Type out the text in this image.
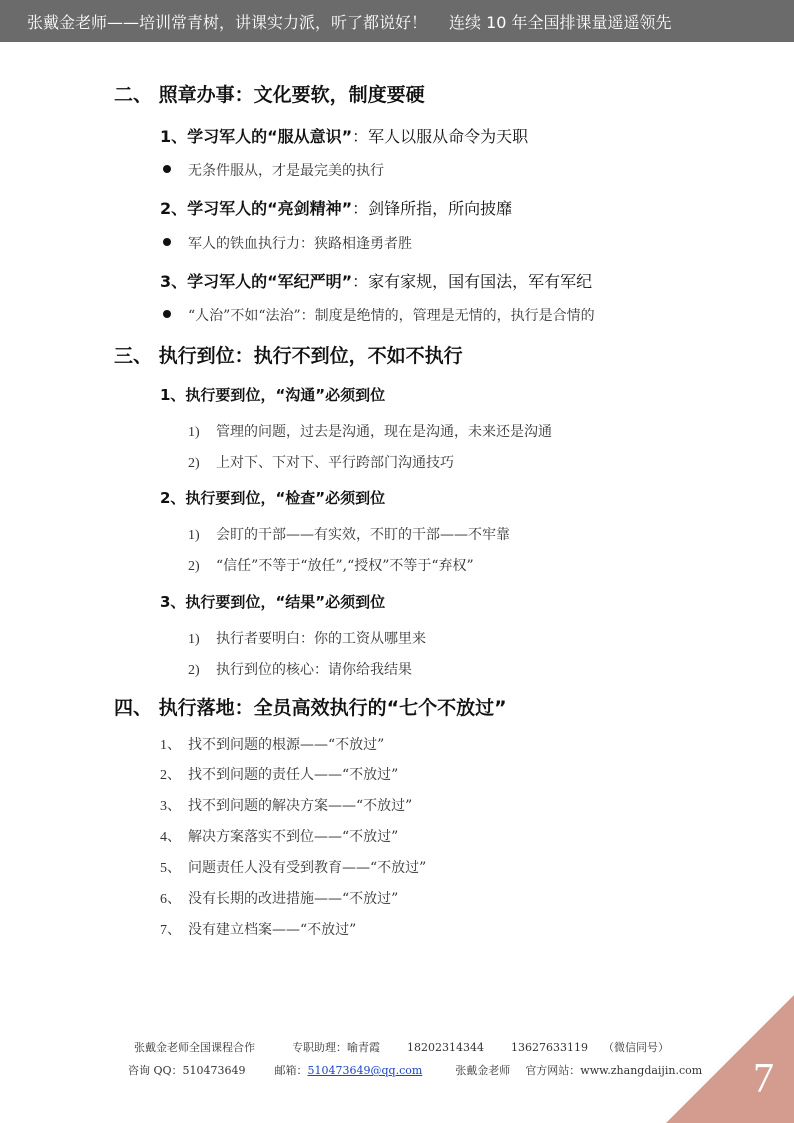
张戴金老师——培训常青树，讲课实力派，听了都说好！ 连续 10 年全国排课量遥遥领先
二、 照章办事：文化要软，制度要硬
1、学习军人的“服从意识”：军人以服从命令为天职
无条件服从，才是最完美的执行
2、学习军人的“亮剑精神”：剑锋所指，所向披靡
军人的铁血执行力：狭路相逢勇者胜
3、学习军人的“军纪严明”：家有家规，国有国法，军有军纪
“人治”不如“法治”：制度是绝情的，管理是无情的，执行是合情的
三、 执行到位：执行不到位，不如不执行
1、执行要到位，“沟通”必须到位
1) 管理的问题，过去是沟通，现在是沟通，未来还是沟通
2) 上对下、下对下、平行跨部门沟通技巧
2、执行要到位，“检查”必须到位
1) 会盯的干部——有实效，不盯的干部——不牢靠
2) “信任”不等于“放任”,“授权”不等于“弃权”
3、执行要到位，“结果”必须到位
1) 执行者要明白：你的工资从哪里来
2) 执行到位的核心：请你给我结果
四、 执行落地：全员高效执行的“七个不放过”
1、 找不到问题的根源——“不放过”
2、 找不到问题的责任人——“不放过”
3、 找不到问题的解决方案——“不放过”
4、 解决方案落实不到位——“不放过”
5、 问题责任人没有受到教育——“不放过”
6、 没有长期的改进措施——“不放过”
7、 没有建立档案——“不放过”
张戴金老师全国课程合作	专职助理：喻青霞 18202314344 13627633119 （微信同号）
咨询 QQ：510473649	邮箱：510473649@qq.com	张戴金老师 官方网站：www.zhangdaijin.com 7
